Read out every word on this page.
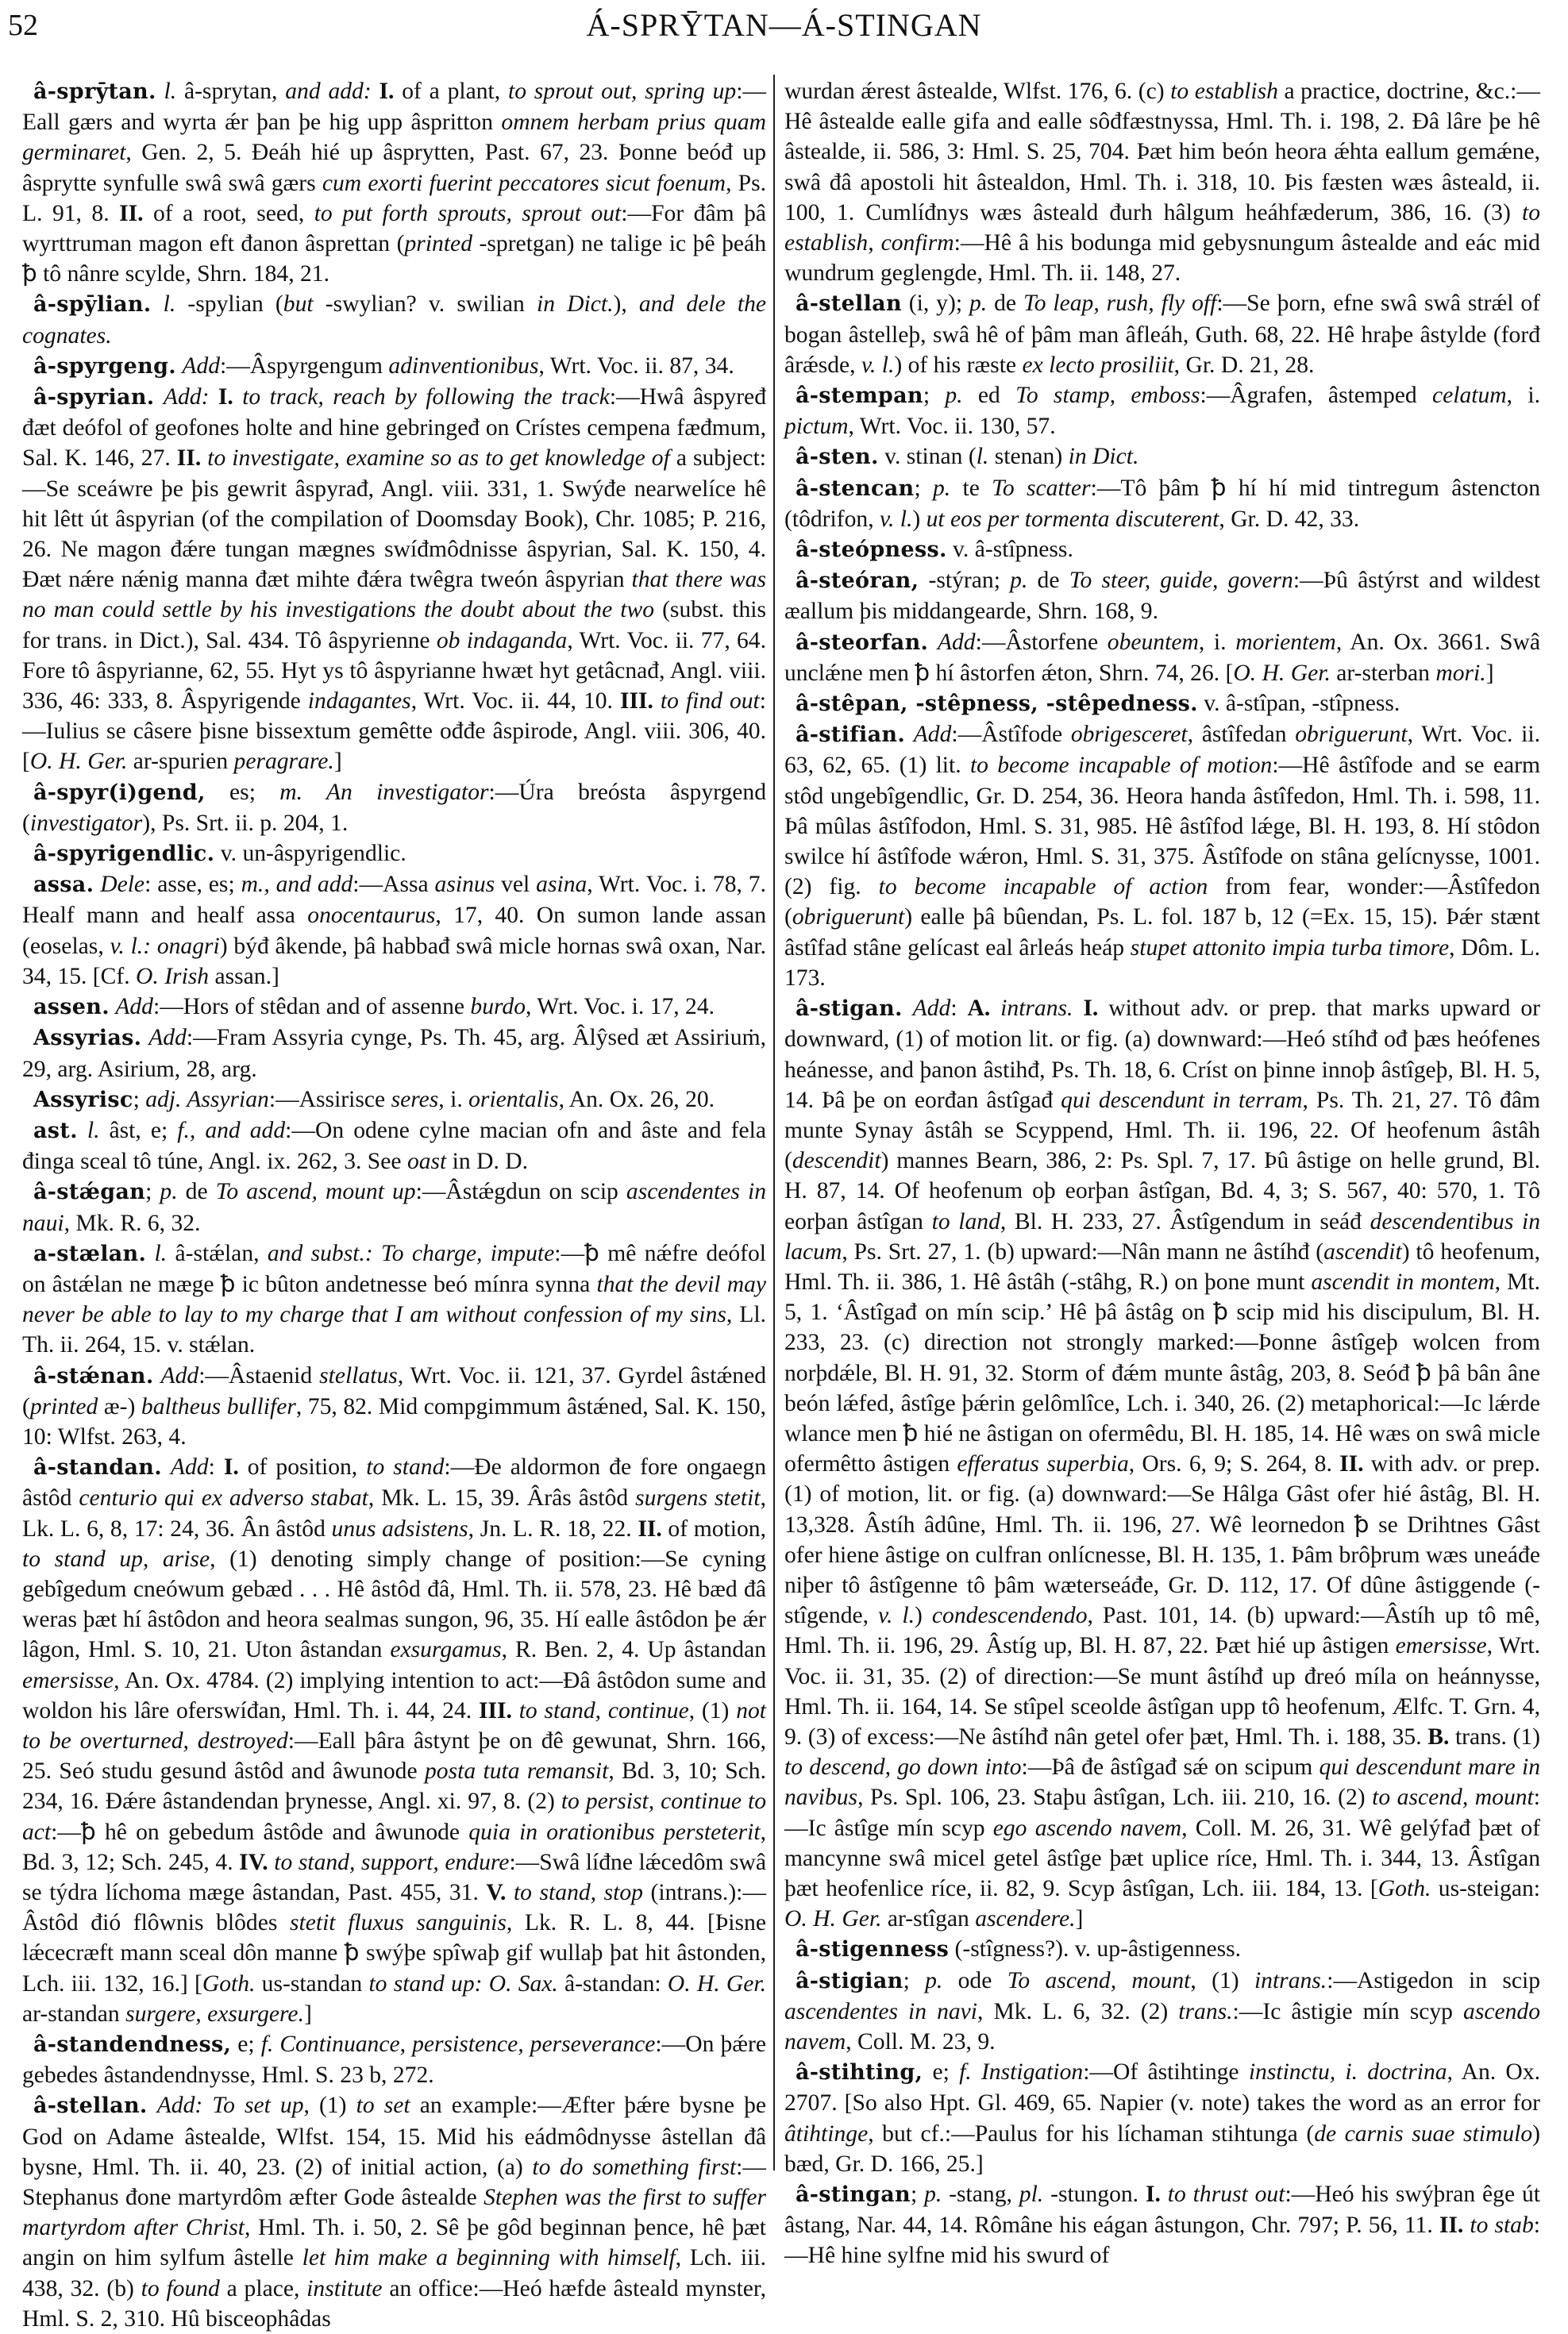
52	Á-SPRȲTAN—Á-STINGAN

â-sprȳtan. l. â-sprytan, and add: I. of a plant, to sprout out, spring up:—Eall gærs and wyrta ǽr þan þe hig upp âspritton omnem herbam prius quam germinaret, Gen. 2, 5. Ðeáh hié up âsprytten, Past. 67, 23. Þonne beóđ up âsprytte synfulle swâ swâ gærs cum exorti fuerint peccatores sicut foenum, Ps. L. 91, 8. II. of a root, seed, to put forth sprouts, sprout out:—For đâm þâ wyrttruman magon eft đanon âsprettan (printed -spretgan) ne talige ic þê þeáh ꝥ tô nânre scylde, Shrn. 184, 21.

â-spȳlian. l. -spylian (but -swylian? v. swilian in Dict.), and dele the cognates.

â-spyrgeng. Add:—Âspyrgengum adinventionibus, Wrt. Voc. ii. 87, 34.

â-spyrian. Add: I. to track, reach by following the track:—Hwâ âspyređ đæt deófol of geofones holte and hine gebringeđ on Crístes cempena fæđmum, Sal. K. 146, 27. II. to investigate, examine so as to get knowledge of a subject:—Se sceáwre þe þis gewrit âspyrađ, Angl. viii. 331, 1. Swýđe nearwelíce hê hit lêtt út âspyrian (of the compilation of Doomsday Book), Chr. 1085; P. 216, 26. Ne magon đǽre tungan mægnes swíđmôdnisse âspyrian, Sal. K. 150, 4. Ðæt nǽre nǽnig manna đæt mihte đǽra twêgra tweón âspyrian that there was no man could settle by his investigations the doubt about the two (subst. this for trans. in Dict.), Sal. 434. Tô âspyrienne ob indaganda, Wrt. Voc. ii. 77, 64. Fore tô âspyrianne, 62, 55. Hyt ys tô âspyrianne hwæt hyt getâcnađ, Angl. viii. 336, 46: 333, 8. Âspyrigende indagantes, Wrt. Voc. ii. 44, 10. III. to find out:—Iulius se câsere þisne bissextum gemêtte ođđe âspirode, Angl. viii. 306, 40. [O. H. Ger. ar-spurien peragrare.]

â-spyr(i)gend, es; m. An investigator:—Úra breósta âspyrgend (investigator), Ps. Srt. ii. p. 204, 1.

â-spyrigendlic. v. un-âspyrigendlic.

assa. Dele: asse, es; m., and add:—Assa asinus vel asina, Wrt. Voc. i. 78, 7. Healf mann and healf assa onocentaurus, 17, 40. On sumon lande assan (eoselas, v. l.: onagri) býđ âkende, þâ habbađ swâ micle hornas swâ oxan, Nar. 34, 15. [Cf. O. Irish assan.]

assen. Add:—Hors of stêdan and of assenne burdo, Wrt. Voc. i. 17, 24.

Assyrias. Add:—Fram Assyria cynge, Ps. Th. 45, arg. Âlŷsed æt Assiriuṁ, 29, arg. Asirium, 28, arg.

Assyrisc; adj. Assyrian:—Assirisce seres, i. orientalis, An. Ox. 26, 20.

ast. l. âst, e; f., and add:—On odene cylne macian ofn and âste and fela đinga sceal tô túne, Angl. ix. 262, 3. See oast in D. D.

â-stǽgan; p. de To ascend, mount up:—Âstǽgdun on scip ascendentes in naui, Mk. R. 6, 32.

a-stælan. l. â-stǽlan, and subst.: To charge, impute:—ꝥ mê nǽfre deófol on âstǽlan ne mæge ꝥ ic bûton andetnesse beó mínra synna that the devil may never be able to lay to my charge that I am without confession of my sins, Ll. Th. ii. 264, 15. v. stǽlan.

â-stǽnan. Add:—Âstaenid stellatus, Wrt. Voc. ii. 121, 37. Gyrdel âstǽned (printed æ-) baltheus bullifer, 75, 82. Mid compgimmum âstǽned, Sal. K. 150, 10: Wlfst. 263, 4.

â-standan. Add: I. of position, to stand:—Ðe aldormon đe fore ongaegn âstôd centurio qui ex adverso stabat, Mk. L. 15, 39. Ârâs âstôd surgens stetit, Lk. L. 6, 8, 17: 24, 36. Ân âstôd unus adsistens, Jn. L. R. 18, 22. II. of motion, to stand up, arise, (1) denoting simply change of position:—Se cyning gebîgedum cneówum gebæd . . . Hê âstôd đâ, Hml. Th. ii. 578, 23. Hê bæd đâ weras þæt hí âstôdon and heora sealmas sungon, 96, 35. Hí ealle âstôdon þe ǽr lâgon, Hml. S. 10, 21. Uton âstandan exsurgamus, R. Ben. 2, 4. Up âstandan emersisse, An. Ox. 4784. (2) implying intention to act:—Ðâ âstôdon sume and woldon his lâre oferswíđan, Hml. Th. i. 44, 24. III. to stand, continue, (1) not to be overturned, destroyed:—Eall þâra âstynt þe on đê gewunat, Shrn. 166, 25. Seó studu gesund âstôd and âwunode posta tuta remansit, Bd. 3, 10; Sch. 234, 16. Ðǽre âstandendan þrynesse, Angl. xi. 97, 8. (2) to persist, continue to act:—ꝥ hê on gebedum âstôde and âwunode quia in orationibus persteterit, Bd. 3, 12; Sch. 245, 4. IV. to stand, support, endure:—Swâ líđne lǽcedôm swâ se týdra líchoma mæge âstandan, Past. 455, 31. V. to stand, stop (intrans.):—Âstôd đió flôwnis blôdes stetit fluxus sanguinis, Lk. R. L. 8, 44. [Þisne lǽcecræft mann sceal dôn manne ꝥ swýþe spîwaþ gif wullaþ þat hit âstonden, Lch. iii. 132, 16.] [Goth. us-standan to stand up: O. Sax. â-standan: O. H. Ger. ar-standan surgere, exsurgere.]

â-standendness, e; f. Continuance, persistence, perseverance:—On þǽre gebedes âstandendnysse, Hml. S. 23 b, 272.

â-stellan. Add: To set up, (1) to set an example:—Æfter þǽre bysne þe God on Adame âstealde, Wlfst. 154, 15. Mid his eádmôdnysse âstellan đâ bysne, Hml. Th. ii. 40, 23. (2) of initial action, (a) to do something first:—Stephanus đone martyrdôm æfter Gode âstealde Stephen was the first to suffer martyrdom after Christ, Hml. Th. i. 50, 2. Sê þe gôd beginnan þence, hê þæt angin on him sylfum âstelle let him make a beginning with himself, Lch. iii. 438, 32. (b) to found a place, institute an office:—Heó hæfde âsteald mynster, Hml. S. 2, 310. Hû bisceophâdas

wurdan ǽrest âstealde, Wlfst. 176, 6. (c) to establish a practice, doctrine, &c.:—Hê âstealde ealle gifa and ealle sôđfæstnyssa, Hml. Th. i. 198, 2. Ðâ lâre þe hê âstealde, ii. 586, 3: Hml. S. 25, 704. Þæt him beón heora ǽhta eallum gemǽne, swâ đâ apostoli hit âstealdon, Hml. Th. i. 318, 10. Þis fæsten wæs âsteald, ii. 100, 1. Cumlíđnys wæs âsteald đurh hâlgum heáhfæderum, 386, 16. (3) to establish, confirm:—Hê â his bodunga mid gebysnungum âstealde and eác mid wundrum geglengde, Hml. Th. ii. 148, 27.

â-stellan (i, y); p. de To leap, rush, fly off:—Se þorn, efne swâ swâ strǽl of bogan âstelleþ, swâ hê of þâm man âfleáh, Guth. 68, 22. Hê hraþe âstylde (forđ ârǽsde, v. l.) of his ræste ex lecto prosiliit, Gr. D. 21, 28.

â-stempan; p. ed To stamp, emboss:—Âgrafen, âstemped celatum, i. pictum, Wrt. Voc. ii. 130, 57.

â-sten. v. stinan (l. stenan) in Dict.

â-stencan; p. te To scatter:—Tô þâm ꝥ hí hí mid tintregum âstencton (tôdrifon, v. l.) ut eos per tormenta discuterent, Gr. D. 42, 33.

â-steópness. v. â-stîpness.

â-steóran, -stýran; p. de To steer, guide, govern:—Þû âstýrst and wildest æallum þis middangearde, Shrn. 168, 9.

â-steorfan. Add:—Âstorfene obeuntem, i. morientem, An. Ox. 3661. Swâ unclǽne men ꝥ hí âstorfen ǽton, Shrn. 74, 26. [O. H. Ger. ar-sterban mori.]

â-stêpan, -stêpness, -stêpedness. v. â-stîpan, -stîpness.

â-stifian. Add:—Âstîfode obrigesceret, âstîfedan obriguerunt, Wrt. Voc. ii. 63, 62, 65. (1) lit. to become incapable of motion:—Hê âstîfode and se earm stôd ungebîgendlic, Gr. D. 254, 36. Heora handa âstîfedon, Hml. Th. i. 598, 11. Þâ mûlas âstîfodon, Hml. S. 31, 985. Hê âstîfod lǽge, Bl. H. 193, 8. Hí stôdon swilce hí âstîfode wǽron, Hml. S. 31, 375. Âstîfode on stâna gelícnysse, 1001. (2) fig. to become incapable of action from fear, wonder:—Âstîfedon (obriguerunt) ealle þâ bûendan, Ps. L. fol. 187 b, 12 (=Ex. 15, 15). Þǽr stænt âstîfad stâne gelícast eal ârleás heáp stupet attonito impia turba timore, Dôm. L. 173.

â-stigan. Add: A. intrans. I. without adv. or prep. that marks upward or downward, (1) of motion lit. or fig. (a) downward:—Heó stíhđ ođ þæs heófenes heánesse, and þanon âstihđ, Ps. Th. 18, 6. Críst on þinne innoþ âstîgeþ, Bl. H. 5, 14. Þâ þe on eorđan âstîgađ qui descendunt in terram, Ps. Th. 21, 27. Tô đâm munte Synay âstâh se Scyppend, Hml. Th. ii. 196, 22. Of heofenum âstâh (descendit) mannes Bearn, 386, 2: Ps. Spl. 7, 17. Þû âstige on helle grund, Bl. H. 87, 14. Of heofenum oþ eorþan âstîgan, Bd. 4, 3; S. 567, 40: 570, 1. Tô eorþan âstîgan to land, Bl. H. 233, 27. Âstîgendum in seáđ descendentibus in lacum, Ps. Srt. 27, 1. (b) upward:—Nân mann ne âstíhđ (ascendit) tô heofenum, Hml. Th. ii. 386, 1. Hê âstâh (-stâhg, R.) on þone munt ascendit in montem, Mt. 5, 1. ‘Âstîgađ on mín scip.’ Hê þâ âstâg on ꝥ scip mid his discipulum, Bl. H. 233, 23. (c) direction not strongly marked:—Þonne âstîgeþ wolcen from norþdǽle, Bl. H. 91, 32. Storm of đǽm munte âstâg, 203, 8. Seóđ ꝥ þâ bân âne beón lǽfed, âstîge þǽrin gelômlîce, Lch. i. 340, 26. (2) metaphorical:—Ic lǽrde wlance men ꝥ hié ne âstigan on ofermêdu, Bl. H. 185, 14. Hê wæs on swâ micle ofermêtto âstigen efferatus superbia, Ors. 6, 9; S. 264, 8. II. with adv. or prep. (1) of motion, lit. or fig. (a) downward:—Se Hâlga Gâst ofer hié âstâg, Bl. H. 13,328. Âstíh âdûne, Hml. Th. ii. 196, 27. Wê leornedon ꝥ se Drihtnes Gâst ofer hiene âstige on culfran onlícnesse, Bl. H. 135, 1. Þâm brôþrum wæs uneáđe niþer tô âstîgenne tô þâm wæterseáđe, Gr. D. 112, 17. Of dûne âstiggende (-stîgende, v. l.) condescendendo, Past. 101, 14. (b) upward:—Âstíh up tô mê, Hml. Th. ii. 196, 29. Âstíg up, Bl. H. 87, 22. Þæt hié up âstigen emersisse, Wrt. Voc. ii. 31, 35. (2) of direction:—Se munt âstíhđ up đreó míla on heánnysse, Hml. Th. ii. 164, 14. Se stîpel sceolde âstîgan upp tô heofenum, Ælfc. T. Grn. 4, 9. (3) of excess:—Ne âstíhđ nân getel ofer þæt, Hml. Th. i. 188, 35. B. trans. (1) to descend, go down into:—Þâ đe âstîgađ sǽ on scipum qui descendunt mare in navibus, Ps. Spl. 106, 23. Staþu âstîgan, Lch. iii. 210, 16. (2) to ascend, mount:—Ic âstîge mín scyp ego ascendo navem, Coll. M. 26, 31. Wê gelýfađ þæt of mancynne swâ micel getel âstîge þæt uplice ríce, Hml. Th. i. 344, 13. Âstîgan þæt heofenlice ríce, ii. 82, 9. Scyp âstîgan, Lch. iii. 184, 13. [Goth. us-steigan: O. H. Ger. ar-stîgan ascendere.]

â-stigenness (-stîgness?). v. up-âstigenness.

â-stigian; p. ode To ascend, mount, (1) intrans.:—Astigedon in scip ascendentes in navi, Mk. L. 6, 32. (2) trans.:—Ic âstigie mín scyp ascendo navem, Coll. M. 23, 9.

â-stihting, e; f. Instigation:—Of âstihtinge instinctu, i. doctrina, An. Ox. 2707. [So also Hpt. Gl. 469, 65. Napier (v. note) takes the word as an error for âtihtinge, but cf.:—Paulus for his líchaman stihtunga (de carnis suae stimulo) bæd, Gr. D. 166, 25.]

â-stingan; p. -stang, pl. -stungon. I. to thrust out:—Heó his swýþran êge út âstang, Nar. 44, 14. Rômâne his eágan âstungon, Chr. 797; P. 56, 11. II. to stab:—Hê hine sylfne mid his swurd of
